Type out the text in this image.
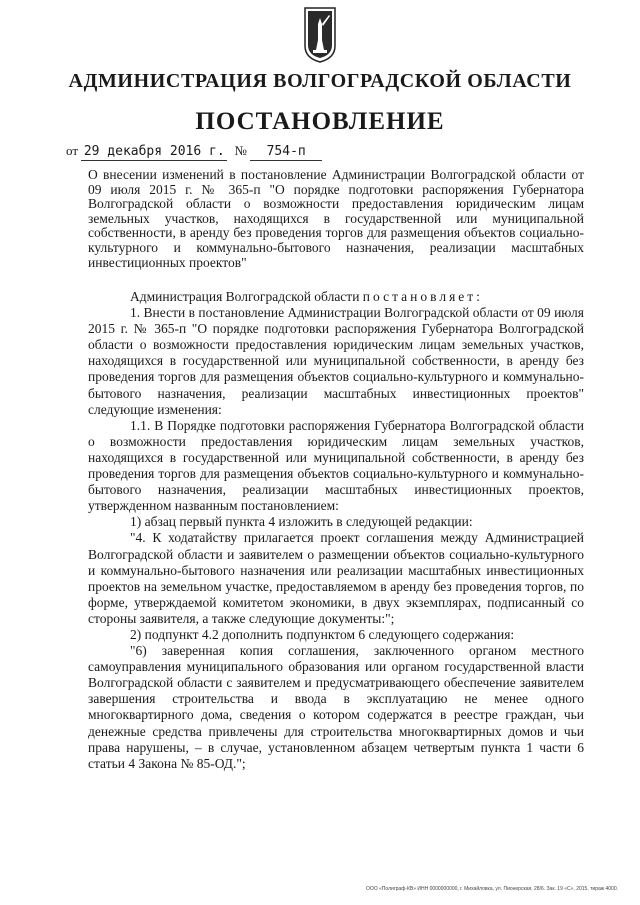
АДМИНИСТРАЦИЯ ВОЛГОГРАДСКОЙ ОБЛАСТИ
ПОСТАНОВЛЕНИЕ
от 29 декабря 2016 г. № 754-п
О внесении изменений в постановление Администрации Волгоградской области от 09 июля 2015 г. № 365-п "О порядке подготовки распоряжения Губернатора Волгоградской области о возможности предоставления юридическим лицам земельных участков, находящихся в государственной или муниципальной собственности, в аренду без проведения торгов для размещения объектов социально-культурного и коммунально-бытового назначения, реализации масштабных инвестиционных проектов"

Администрация Волгоградской области постановляет:

1. Внести в постановление Администрации Волгоградской области от 09 июля 2015 г. № 365-п "О порядке подготовки распоряжения Губернатора Волгоградской области о возможности предоставления юридическим лицам земельных участков, находящихся в государственной или муниципальной собственности, в аренду без проведения торгов для размещения объектов социально-культурного и коммунально-бытового назначения, реализации масштабных инвестиционных проектов" следующие изменения:

1.1. В Порядке подготовки распоряжения Губернатора Волгоградской области о возможности предоставления юридическим лицам земельных участков, находящихся в государственной или муниципальной собственности, в аренду без проведения торгов для размещения объектов социально-культурного и коммунально-бытового назначения, реализации масштабных инвестиционных проектов, утвержденном названным постановлением:

1) абзац первый пункта 4 изложить в следующей редакции:

"4. К ходатайству прилагается проект соглашения между Администрацией Волгоградской области и заявителем о размещении объектов социально-культурного и коммунально-бытового назначения или реализации масштабных инвестиционных проектов на земельном участке, предоставляемом в аренду без проведения торгов, по форме, утверждаемой комитетом экономики, в двух экземплярах, подписанный со стороны заявителя, а также следующие документы:";

2) подпункт 4.2 дополнить подпунктом 6 следующего содержания:

"6) заверенная копия соглашения, заключенного органом местного самоуправления муниципального образования или органом государственной власти Волгоградской области с заявителем и предусматривающего обеспечение заявителем завершения строительства и ввода в эксплуатацию не менее одного многоквартирного дома, сведения о котором содержатся в реестре граждан, чьи денежные средства привлечены для строительства многоквартирных домов и чьи права нарушены, – в случае, установленном абзацем четвертым пункта 1 части 6 статьи 4 Закона № 85-ОД.";

ООО «Полиграф-КВ» ИНН 0000000000, г. Михайловка, ул. Пионерская, 28/6. Зак. 19 «С», 2015, тираж 4000.
